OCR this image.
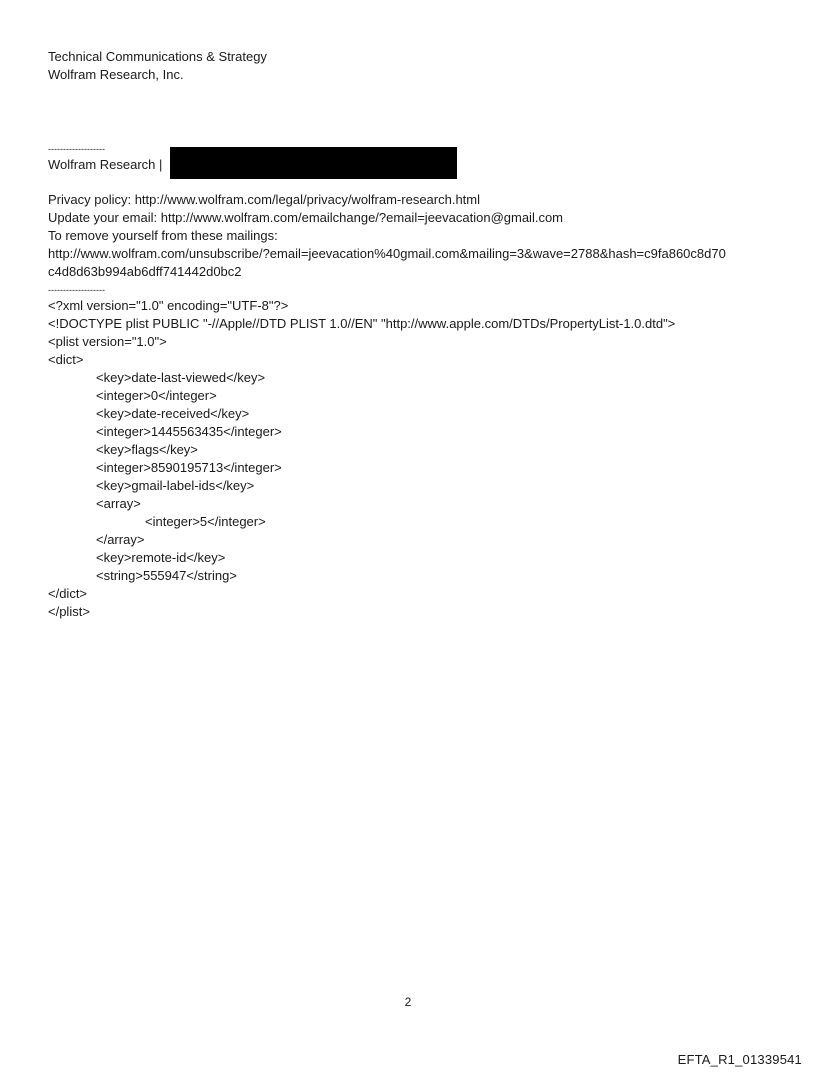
Technical Communications & Strategy
Wolfram Research, Inc.
-------------------
Wolfram Research |
Privacy policy: http://www.wolfram.com/legal/privacy/wolfram-research.html
Update your email: http://www.wolfram.com/emailchange/?email=jeevacation@gmail.com
To remove yourself from these mailings:
http://www.wolfram.com/unsubscribe/?email=jeevacation%40gmail.com&mailing=3&wave=2788&hash=c9fa860c8d70
c4d8d63b994ab6dff741442d0bc2
-------------------
<?xml version="1.0" encoding="UTF-8"?>
<!DOCTYPE plist PUBLIC "-//Apple//DTD PLIST 1.0//EN" "http://www.apple.com/DTDs/PropertyList-1.0.dtd">
<plist version="1.0">
<dict>
<key>date-last-viewed</key>
<integer>0</integer>
<key>date-received</key>
<integer>1445563435</integer>
<key>flags</key>
<integer>8590195713</integer>
<key>gmail-label-ids</key>
<array>
<integer>5</integer>
</array>
<key>remote-id</key>
<string>555947</string>
</dict>
</plist>
2
EFTA_R1_01339541
